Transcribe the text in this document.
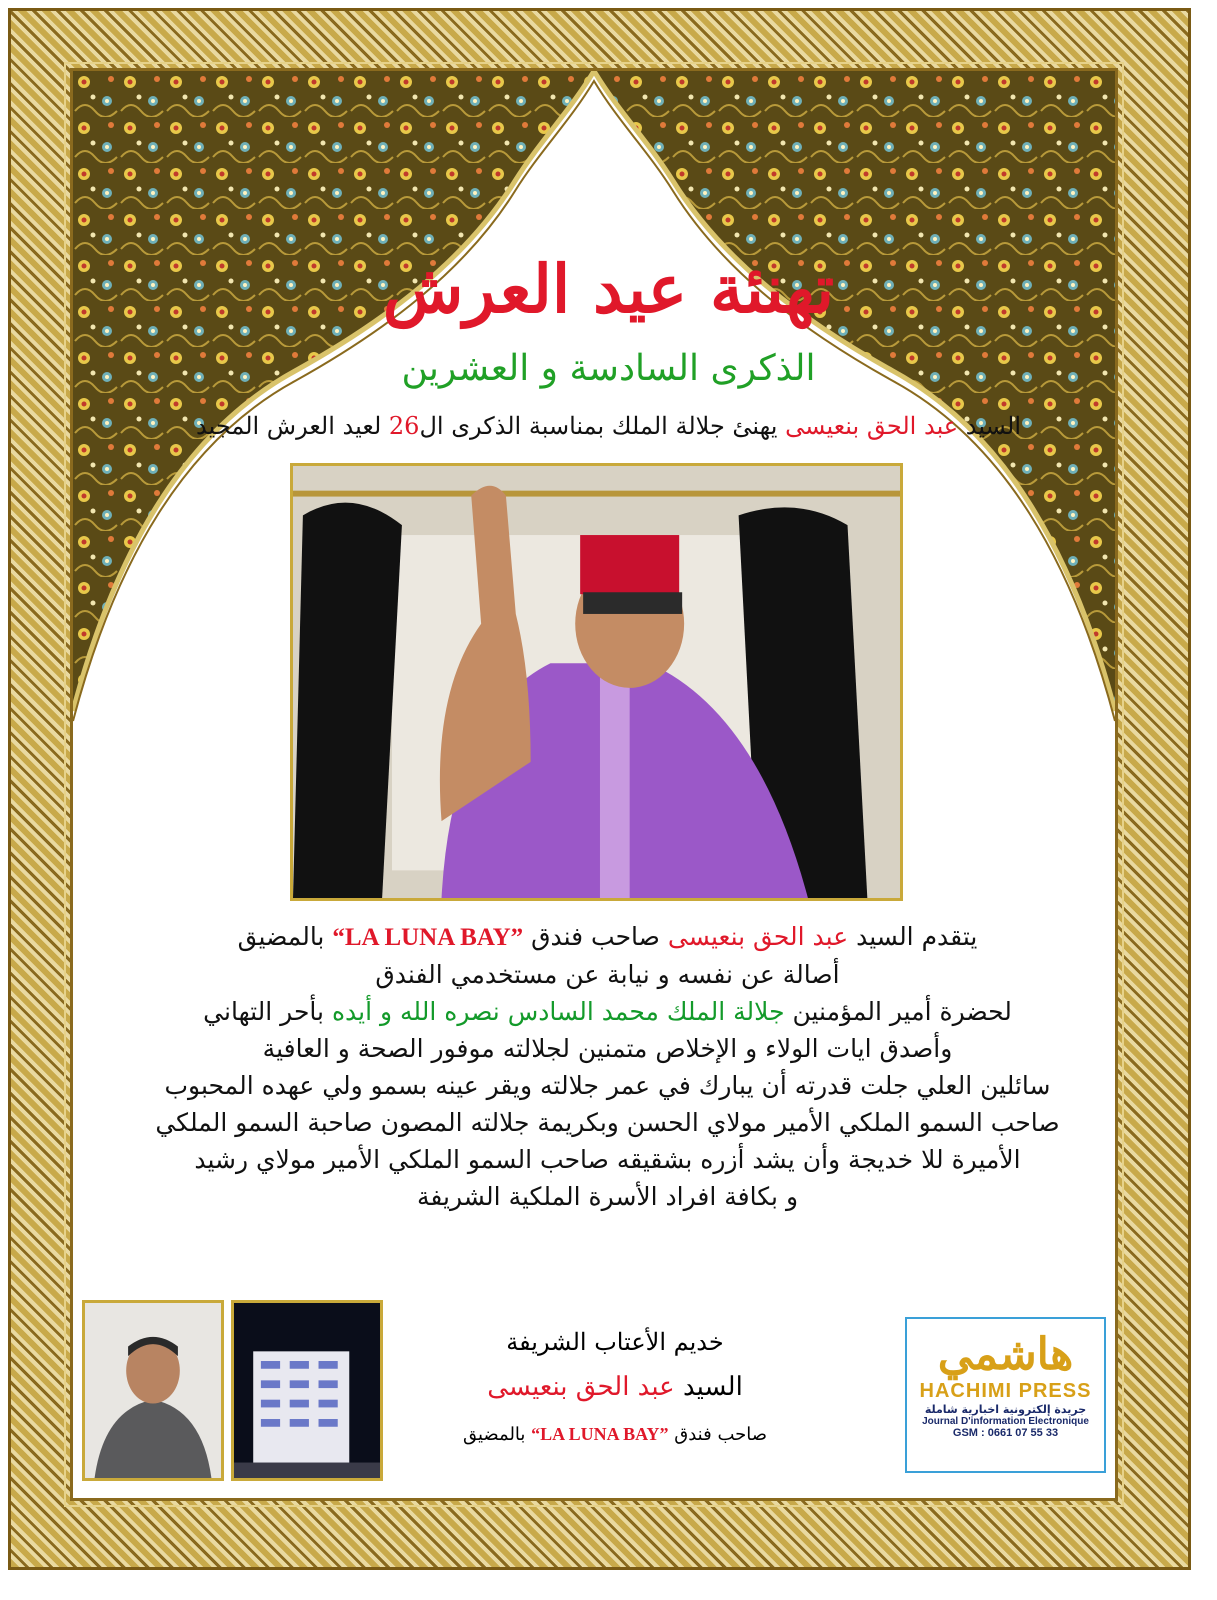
تهنئة عيد العرش
الذكرى السادسة و العشرين
السيد عبد الحق بنعيسى يهنئ جلالة الملك بمناسبة الذكرى ال26 لعيد العرش المجيد

يتقدم السيد عبد الحق بنعيسى صاحب فندق “LA LUNA BAY” بالمضيق

أصالة عن نفسه و نيابة عن مستخدمي الفندق

لحضرة أمير المؤمنين جلالة الملك محمد السادس نصره الله و أيده بأحر التهاني

وأصدق ايات الولاء و الإخلاص متمنين لجلالته موفور الصحة و العافية

سائلين العلي جلت قدرته أن يبارك في عمر جلالته ويقر عينه بسمو ولي عهده المحبوب

صاحب السمو الملكي الأمير مولاي الحسن وبكريمة جلالته المصون صاحبة السمو الملكي

الأميرة للا خديجة وأن يشد أزره بشقيقه صاحب السمو الملكي الأمير مولاي رشيد

و بكافة افراد الأسرة الملكية الشريفة

خديم الأعتاب الشريفة
السيد عبد الحق بنعيسى
صاحب فندق “LA LUNA BAY” بالمضيق
هاشمي
HACHIMI PRESS
جريدة إلكترونية اخبارية شاملة
Journal D'information Electronique
GSM : 0661 07 55 33
